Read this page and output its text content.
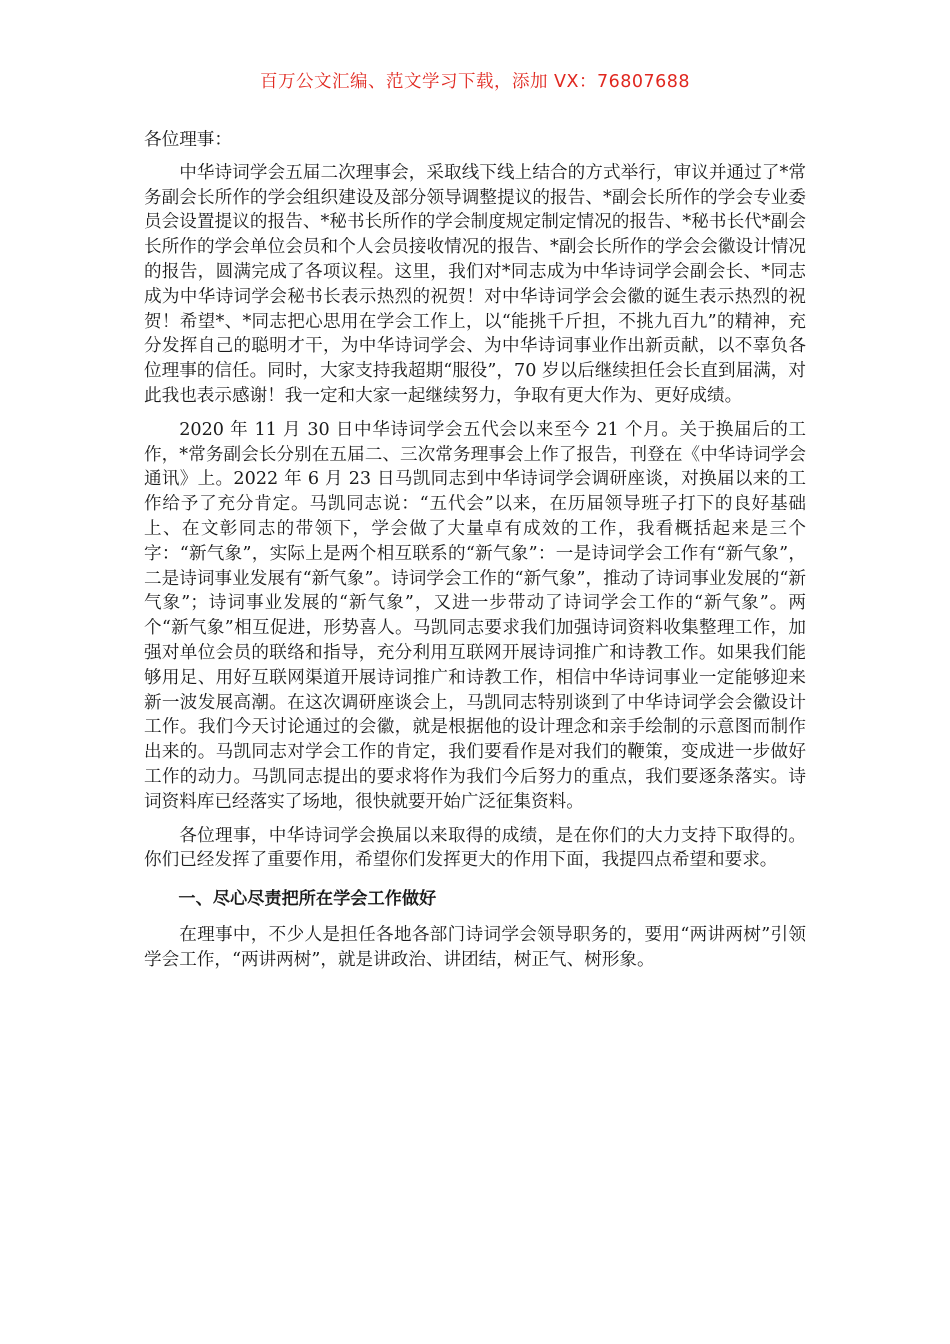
百万公文汇编、范文学习下载，添加 VX：76807688

各位理事：

中华诗词学会五届二次理事会，采取线下线上结合的方式举行，审议并通过了*常务副会长所作的学会组织建设及部分领导调整提议的报告、*副会长所作的学会专业委员会设置提议的报告、*秘书长所作的学会制度规定制定情况的报告、*秘书长代*副会长所作的学会单位会员和个人会员接收情况的报告、*副会长所作的学会会徽设计情况的报告，圆满完成了各项议程。这里，我们对*同志成为中华诗词学会副会长、*同志成为中华诗词学会秘书长表示热烈的祝贺！对中华诗词学会会徽的诞生表示热烈的祝贺！希望*、*同志把心思用在学会工作上，以“能挑千斤担，不挑九百九”的精神，充分发挥自己的聪明才干，为中华诗词学会、为中华诗词事业作出新贡献，以不辜负各位理事的信任。同时，大家支持我超期“服役”，70 岁以后继续担任会长直到届满，对此我也表示感谢！我一定和大家一起继续努力，争取有更大作为、更好成绩。

2020 年 11 月 30 日中华诗词学会五代会以来至今 21 个月。关于换届后的工作，*常务副会长分别在五届二、三次常务理事会上作了报告，刊登在《中华诗词学会通讯》上。2022 年 6 月 23 日马凯同志到中华诗词学会调研座谈，对换届以来的工作给予了充分肯定。马凯同志说：“五代会”以来，在历届领导班子打下的良好基础上、在文彰同志的带领下，学会做了大量卓有成效的工作，我看概括起来是三个字：“新气象”，实际上是两个相互联系的“新气象”：一是诗词学会工作有“新气象”，二是诗词事业发展有“新气象”。诗词学会工作的“新气象”，推动了诗词事业发展的“新气象”；诗词事业发展的“新气象”，又进一步带动了诗词学会工作的“新气象”。两个“新气象”相互促进，形势喜人。马凯同志要求我们加强诗词资料收集整理工作，加强对单位会员的联络和指导，充分利用互联网开展诗词推广和诗教工作。如果我们能够用足、用好互联网渠道开展诗词推广和诗教工作，相信中华诗词事业一定能够迎来新一波发展高潮。在这次调研座谈会上，马凯同志特别谈到了中华诗词学会会徽设计工作。我们今天讨论通过的会徽，就是根据他的设计理念和亲手绘制的示意图而制作出来的。马凯同志对学会工作的肯定，我们要看作是对我们的鞭策，变成进一步做好工作的动力。马凯同志提出的要求将作为我们今后努力的重点，我们要逐条落实。诗词资料库已经落实了场地，很快就要开始广泛征集资料。

各位理事，中华诗词学会换届以来取得的成绩，是在你们的大力支持下取得的。你们已经发挥了重要作用，希望你们发挥更大的作用下面，我提四点希望和要求。

一、尽心尽责把所在学会工作做好

在理事中，不少人是担任各地各部门诗词学会领导职务的，要用“两讲两树”引领学会工作，“两讲两树”，就是讲政治、讲团结，树正气、树形象。
